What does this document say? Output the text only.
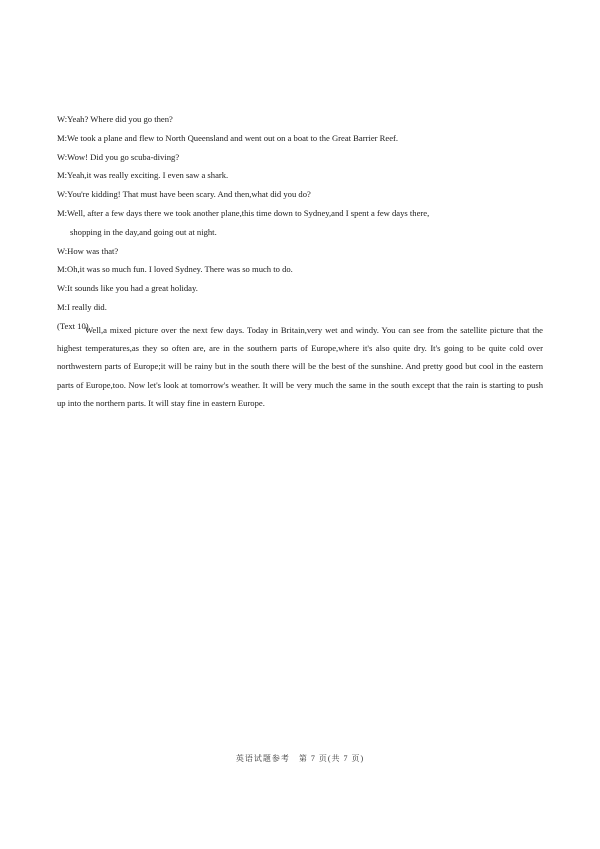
W:Yeah? Where did you go then?
M:We took a plane and flew to North Queensland and went out on a boat to the Great Barrier Reef.
W:Wow! Did you go scuba-diving?
M:Yeah,it was really exciting. I even saw a shark.
W:You're kidding! That must have been scary. And then,what did you do?
M:Well, after a few days there we took another plane,this time down to Sydney,and I spent a few days there,
shopping in the day,and going out at night.
W:How was that?
M:Oh,it was so much fun. I loved Sydney. There was so much to do.
W:It sounds like you had a great holiday.
M:I really did.
(Text 10)

Well,a mixed picture over the next few days. Today in Britain,very wet and windy. You can see from the satellite picture that the highest temperatures,as they so often are, are in the southern parts of Europe,where it's also quite dry. It's going to be quite cold over northwestern parts of Europe;it will be rainy but in the south there will be the best of the sunshine. And pretty good but cool in the eastern parts of Europe,too. Now let's look at tomorrow's weather. It will be very much the same in the south except that the rain is starting to push up into the northern parts. It will stay fine in eastern Europe.

英语试题参考　第 7 页(共 7 页)
